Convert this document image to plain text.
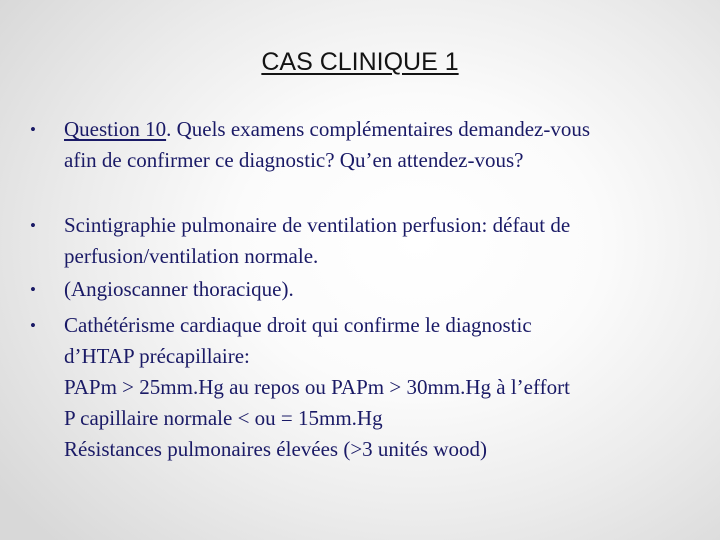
CAS CLINIQUE 1
•	Question 10. Quels examens complémentaires demandez-vous
afin de confirmer ce diagnostic? Qu’en attendez-vous?
•	Scintigraphie pulmonaire de ventilation perfusion: défaut de
perfusion/ventilation normale.
•	(Angioscanner thoracique).
•	Cathétérisme cardiaque droit qui confirme le diagnostic
d’HTAP précapillaire:
PAPm > 25mm.Hg au repos ou PAPm > 30mm.Hg à l’effort
P capillaire normale < ou = 15mm.Hg
Résistances pulmonaires élevées (>3 unités wood)
